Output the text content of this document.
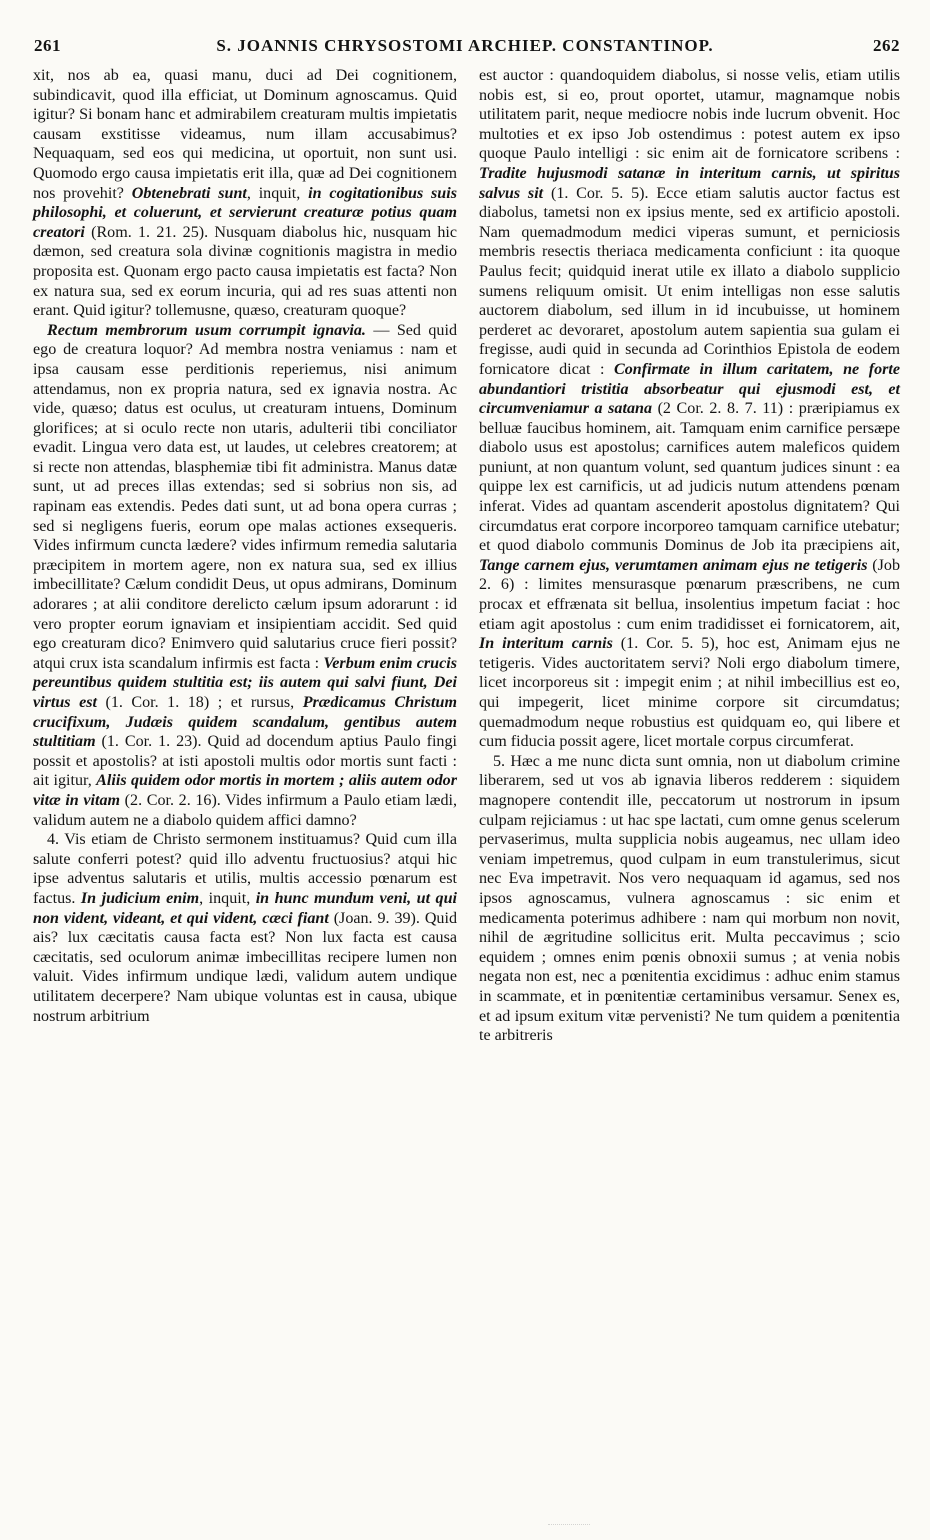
261	S. JOANNIS CHRYSOSTOMI ARCHIEP. CONSTANTINOP.	262

xit, nos ab ea, quasi manu, duci ad Dei cognitionem, subindicavit, quod illa efficiat, ut Dominum agnoscamus. Quid igitur? Si bonam hanc et admirabilem creaturam multis impietatis causam exstitisse videamus, num illam accusabimus? Nequaquam, sed eos qui medicina, ut oportuit, non sunt usi. Quomodo ergo causa impietatis erit illa, quæ ad Dei cognitionem nos provehit? Obtenebrati sunt, inquit, in cogitationibus suis philosophi, et coluerunt, et servierunt creaturæ potius quam creatori (Rom. 1. 21. 25). Nusquam diabolus hic, nusquam hic dæmon, sed creatura sola divinæ cognitionis magistra in medio proposita est. Quonam ergo pacto causa impietatis est facta? Non ex natura sua, sed ex eorum incuria, qui ad res suas attenti non erant. Quid igitur? tollemusne, quæso, creaturam quoque?

Rectum membrorum usum corrumpit ignavia. — Sed quid ego de creatura loquor? Ad membra nostra veniamus : nam et ipsa causam esse perditionis reperiemus, nisi animum attendamus, non ex propria natura, sed ex ignavia nostra. Ac vide, quæso; datus est oculus, ut creaturam intuens, Dominum glorifices; at si oculo recte non utaris, adulterii tibi conciliator evadit. Lingua vero data est, ut laudes, ut celebres creatorem; at si recte non attendas, blasphemiæ tibi fit administra. Manus datæ sunt, ut ad preces illas extendas; sed si sobrius non sis, ad rapinam eas extendis. Pedes dati sunt, ut ad bona opera curras ; sed si negligens fueris, eorum ope malas actiones exsequeris. Vides infirmum cuncta lædere? vides infirmum remedia salutaria præcipitem in mortem agere, non ex natura sua, sed ex illius imbecillitate? Cælum condidit Deus, ut opus admirans, Dominum adorares ; at alii conditore derelicto cælum ipsum adorarunt : id vero propter eorum ignaviam et insipientiam accidit. Sed quid ego creaturam dico? Enimvero quid salutarius cruce fieri possit? atqui crux ista scandalum infirmis est facta : Verbum enim crucis pereuntibus quidem stultitia est; iis autem qui salvi fiunt, Dei virtus est (1. Cor. 1. 18) ; et rursus, Prædicamus Christum crucifixum, Judæis quidem scandalum, gentibus autem stultitiam (1. Cor. 1. 23). Quid ad docendum aptius Paulo fingi possit et apostolis? at isti apostoli multis odor mortis sunt facti : ait igitur, Aliis quidem odor mortis in mortem ; aliis autem odor vitæ in vitam (2. Cor. 2. 16). Vides infirmum a Paulo etiam lædi, validum autem ne a diabolo quidem affici damno?

4. Vis etiam de Christo sermonem instituamus? Quid cum illa salute conferri potest? quid illo adventu fructuosius? atqui hic ipse adventus salutaris et utilis, multis accessio pœnarum est factus. In judicium enim, inquit, in hunc mundum veni, ut qui non vident, videant, et qui vident, cæci fiant (Joan. 9. 39). Quid ais? lux cæcitatis causa facta est? Non lux facta est causa cæcitatis, sed oculorum animæ imbecillitas recipere lumen non valuit. Vides infirmum undique lædi, validum autem undique utilitatem decerpere? Nam ubique voluntas est in causa, ubique nostrum arbitrium

est auctor : quandoquidem diabolus, si nosse velis, etiam utilis nobis est, si eo, prout oportet, utamur, magnamque nobis utilitatem parit, neque mediocre nobis inde lucrum obvenit. Hoc multoties et ex ipso Job ostendimus : potest autem ex ipso quoque Paulo intelligi : sic enim ait de fornicatore scribens : Tradite hujusmodi satanæ in interitum carnis, ut spiritus salvus sit (1. Cor. 5. 5). Ecce etiam salutis auctor factus est diabolus, tametsi non ex ipsius mente, sed ex artificio apostoli. Nam quemadmodum medici viperas sumunt, et perniciosis membris resectis theriaca medicamenta conficiunt : ita quoque Paulus fecit; quidquid inerat utile ex illato a diabolo supplicio sumens reliquum omisit. Ut enim intelligas non esse salutis auctorem diabolum, sed illum in id incubuisse, ut hominem perderet ac devoraret, apostolum autem sapientia sua gulam ei fregisse, audi quid in secunda ad Corinthios Epistola de eodem fornicatore dicat : Confirmate in illum caritatem, ne forte abundantiori tristitia absorbeatur qui ejusmodi est, et circumveniamur a satana (2 Cor. 2. 8. 7. 11) : præripiamus ex belluæ faucibus hominem, ait. Tamquam enim carnifice persæpe diabolo usus est apostolus; carnifices autem maleficos quidem puniunt, at non quantum volunt, sed quantum judices sinunt : ea quippe lex est carnificis, ut ad judicis nutum attendens pœnam inferat. Vides ad quantam ascenderit apostolus dignitatem? Qui circumdatus erat corpore incorporeo tamquam carnifice utebatur; et quod diabolo communis Dominus de Job ita præcipiens ait, Tange carnem ejus, verumtamen animam ejus ne tetigeris (Job 2. 6) : limites mensurasque pœnarum præscribens, ne cum procax et effrænata sit bellua, insolentius impetum faciat : hoc etiam agit apostolus : cum enim tradidisset ei fornicatorem, ait, In interitum carnis (1. Cor. 5. 5), hoc est, Animam ejus ne tetigeris. Vides auctoritatem servi? Noli ergo diabolum timere, licet incorporeus sit : impegit enim ; at nihil imbecillius est eo, qui impegerit, licet minime corpore sit circumdatus; quemadmodum neque robustius est quidquam eo, qui libere et cum fiducia possit agere, licet mortale corpus circumferat.

5. Hæc a me nunc dicta sunt omnia, non ut diabolum crimine liberarem, sed ut vos ab ignavia liberos redderem : siquidem magnopere contendit ille, peccatorum ut nostrorum in ipsum culpam rejiciamus : ut hac spe lactati, cum omne genus scelerum pervaserimus, multa supplicia nobis augeamus, nec ullam ideo veniam impetremus, quod culpam in eum transtulerimus, sicut nec Eva impetravit. Nos vero nequaquam id agamus, sed nos ipsos agnoscamus, vulnera agnoscamus : sic enim et medicamenta poterimus adhibere : nam qui morbum non novit, nihil de ægritudine sollicitus erit. Multa peccavimus ; scio equidem ; omnes enim pœnis obnoxii sumus ; at venia nobis negata non est, nec a pœnitentia excidimus : adhuc enim stamus in scammate, et in pœnitentiæ certaminibus versamur. Senex es, et ad ipsum exitum vitæ pervenisti? Ne tum quidem a pœnitentia te arbitreris
